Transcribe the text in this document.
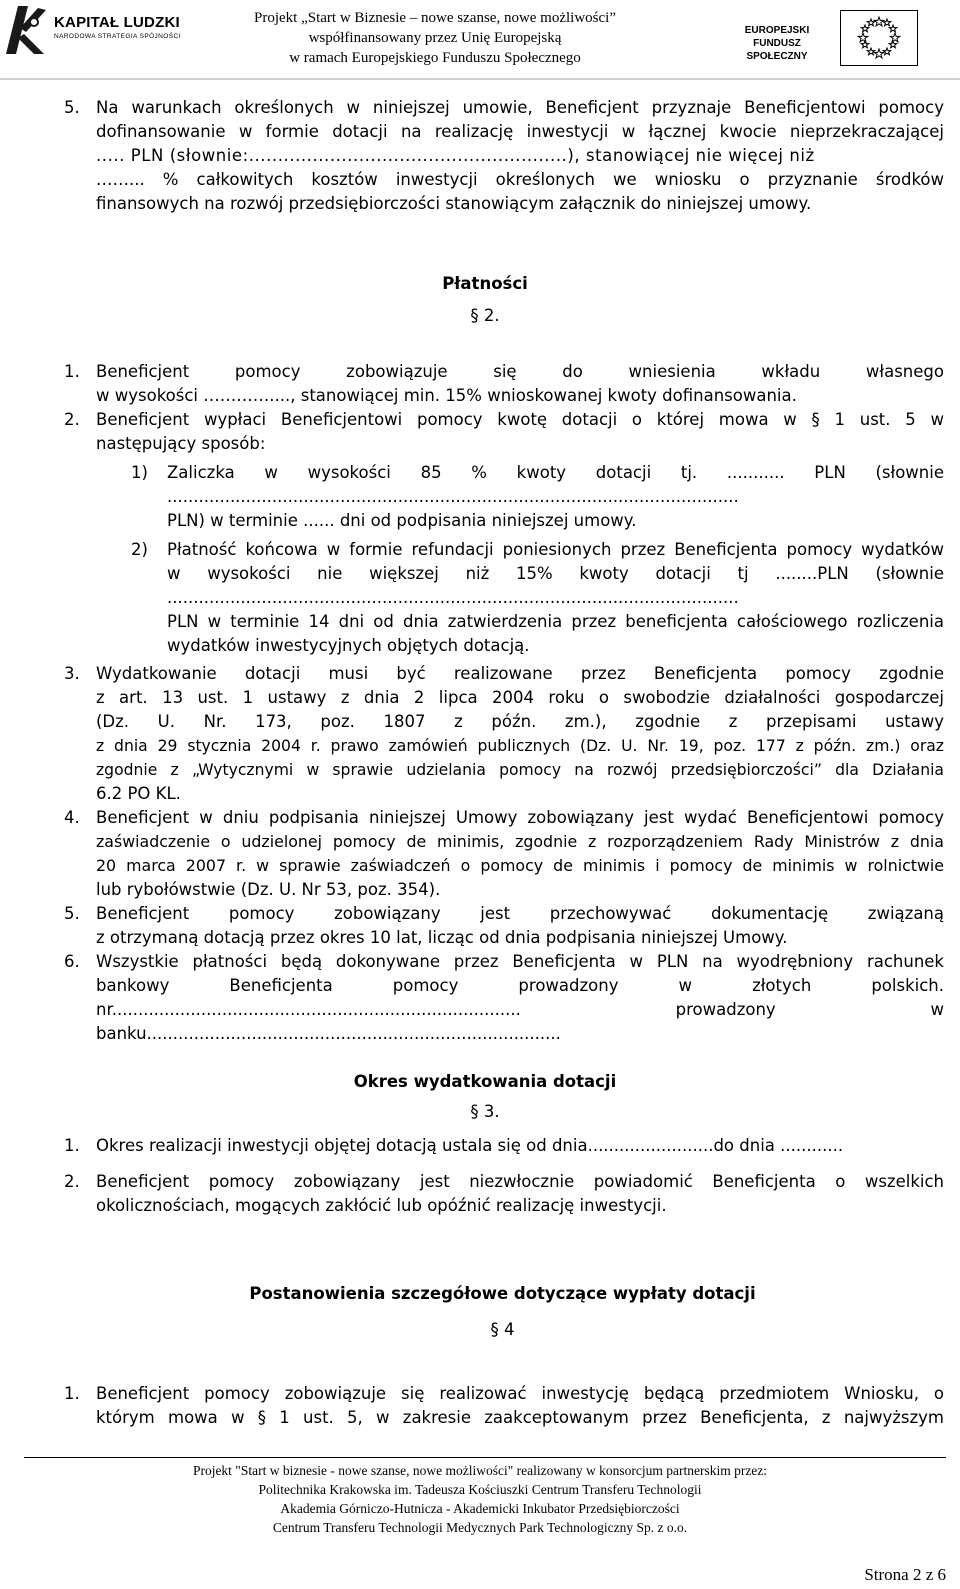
KAPITAŁ LUDZKI
NARODOWA STRATEGIA SPÓJNOŚCI
Projekt „Start w Biznesie – nowe szanse, nowe możliwości”
współfinansowany przez Unię Europejską
w ramach Europejskiego Funduszu Społecznego
EUROPEJSKI
FUNDUSZ SPOŁECZNY
5. Na warunkach określonych w niniejszej umowie, Beneficjent przyznaje Beneficjentowi pomocy
dofinansowanie w formie dotacji na realizację inwestycji w łącznej kwocie nieprzekraczającej
..... PLN (słownie:.......................................................), stanowiącej nie więcej niż
……... % całkowitych kosztów inwestycji określonych we wniosku o przyznanie środków
finansowych na rozwój przedsiębiorczości stanowiącym załącznik do niniejszej umowy.
Płatności
§ 2.
1. Beneficjent pomocy zobowiązuje się do wniesienia wkładu własnego
w wysokości …………...., stanowiącej min. 15% wnioskowanej kwoty dofinansowania.
2. Beneficjent wypłaci Beneficjentowi pomocy kwotę dotacji o której mowa w § 1 ust. 5 w
następujący sposób:
1) Zaliczka w wysokości 85 % kwoty dotacji tj. ........... PLN (słownie
.............................................................................................................
PLN) w terminie ...... dni od podpisania niniejszej umowy.
2) Płatność końcowa w formie refundacji poniesionych przez Beneficjenta pomocy wydatków
w wysokości nie większej niż 15% kwoty dotacji tj ........PLN (słownie
.............................................................................................................
PLN w terminie 14 dni od dnia zatwierdzenia przez beneficjenta całościowego rozliczenia
wydatków inwestycyjnych objętych dotacją.
3. Wydatkowanie dotacji musi być realizowane przez Beneficjenta pomocy zgodnie
z art. 13 ust. 1 ustawy z dnia 2 lipca 2004 roku o swobodzie działalności gospodarczej
(Dz. U. Nr. 173, poz. 1807 z późn. zm.), zgodnie z przepisami ustawy
z dnia 29 stycznia 2004 r. prawo zamówień publicznych (Dz. U. Nr. 19, poz. 177 z późn. zm.) oraz
zgodnie z „Wytycznymi w sprawie udzielania pomocy na rozwój przedsiębiorczości” dla Działania
6.2 PO KL.
4. Beneficjent w dniu podpisania niniejszej Umowy zobowiązany jest wydać Beneficjentowi pomocy
zaświadczenie o udzielonej pomocy de minimis, zgodnie z rozporządzeniem Rady Ministrów z dnia
20 marca 2007 r. w sprawie zaświadczeń o pomocy de minimis i pomocy de minimis w rolnictwie
lub rybołówstwie (Dz. U. Nr 53, poz. 354).
5. Beneficjent pomocy zobowiązany jest przechowywać dokumentację związaną
z otrzymaną dotacją przez okres 10 lat, licząc od dnia podpisania niniejszej Umowy.
6. Wszystkie płatności będą dokonywane przez Beneficjenta w PLN na wyodrębniony rachunek
bankowy Beneficjenta pomocy prowadzony w złotych polskich.
nr.............................................................................. prowadzony w
banku...............................................................................
Okres wydatkowania dotacji
§ 3.
1. Okres realizacji inwestycji objętej dotacją ustala się od dnia........................do dnia ............
2. Beneficjent pomocy zobowiązany jest niezwłocznie powiadomić Beneficjenta o wszelkich
okolicznościach, mogących zakłócić lub opóźnić realizację inwestycji.
Postanowienia szczegółowe dotyczące wypłaty dotacji
§ 4
1. Beneficjent pomocy zobowiązuje się realizować inwestycję będącą przedmiotem Wniosku, o
którym mowa w § 1 ust. 5, w zakresie zaakceptowanym przez Beneficjenta, z najwyższym
Projekt "Start w biznesie - nowe szanse, nowe możliwości" realizowany w konsorcjum partnerskim przez:
Politechnika Krakowska im. Tadeusza Kościuszki Centrum Transferu Technologii
Akademia Górniczo-Hutnicza - Akademicki Inkubator Przedsiębiorczości
Centrum Transferu Technologii Medycznych Park Technologiczny Sp. z o.o.
Strona 2 z 6
